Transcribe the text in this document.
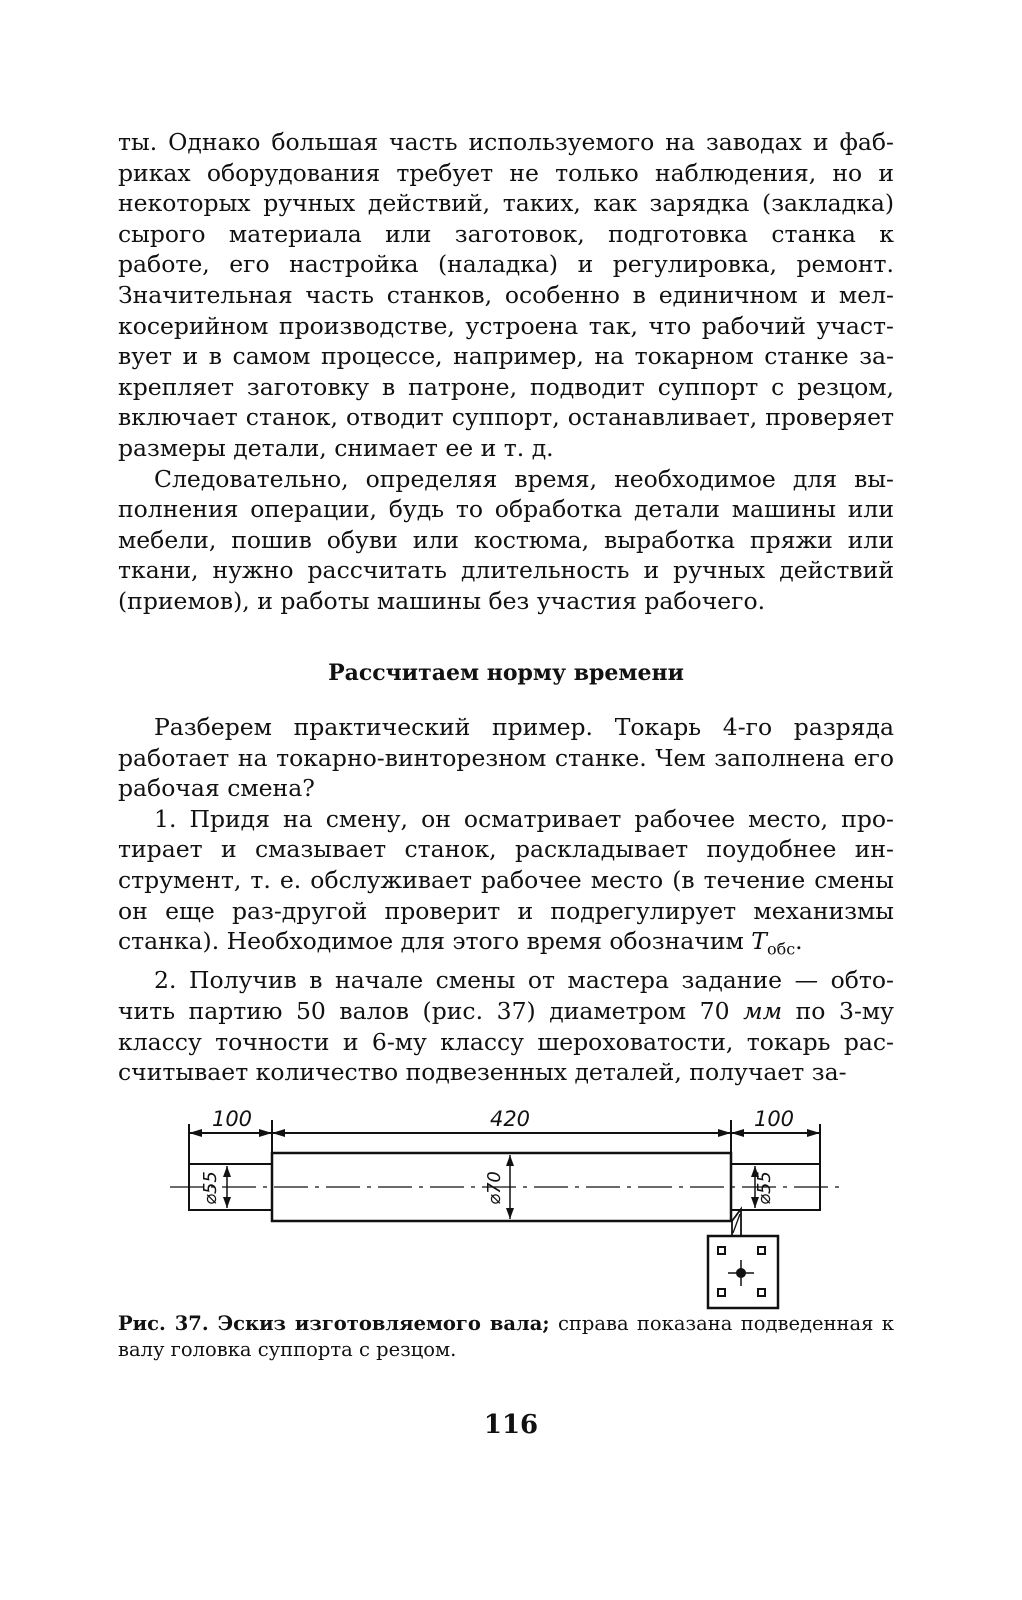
ты. Однако большая часть используемого на заводах и фабриках оборудования требует не только наблюдения, но и некоторых ручных действий, таких, как зарядка (закладка) сырого материала или заготовок, подготовка станка к работе, его настройка (наладка) и регулировка, ремонт. Значительная часть станков, особенно в единичном и мелкосерийном производстве, устроена так, что рабочий участвует и в самом процессе, например, на токарном станке закрепляет заготовку в патроне, подводит суппорт с резцом, включает станок, отводит суппорт, останавливает, проверяет размеры детали, снимает ее и т. д.

Следовательно, определяя время, необходимое для выполнения операции, будь то обработка детали машины или мебели, пошив обуви или костюма, выработка пряжи или ткани, нужно рассчитать длительность и ручных действий (приемов), и работы машины без участия рабочего.

Рассчитаем норму времени

Разберем практический пример. Токарь 4-го разряда работает на токарно-винторезном станке. Чем заполнена его рабочая смена?

1. Придя на смену, он осматривает рабочее место, протирает и смазывает станок, раскладывает поудобнее инструмент, т. е. обслуживает рабочее место (в течение смены он еще раз-другой проверит и подрегулирует механизмы станка). Необходимое для этого время обозначим $T_{обс}$.

2. Получив в начале смены от мастера задание — обточить партию 50 валов (рис. 37) диаметром 70 мм по 3-му классу точности и 6-му классу шероховатости, токарь рассчитывает количество подвезенных деталей, получает за-

100	420	100
⌀55	⌀70	⌀55
Рис. 37. Эскиз изготовляемого вала; справа показана подведенная к валу головка суппорта с резцом.
116
